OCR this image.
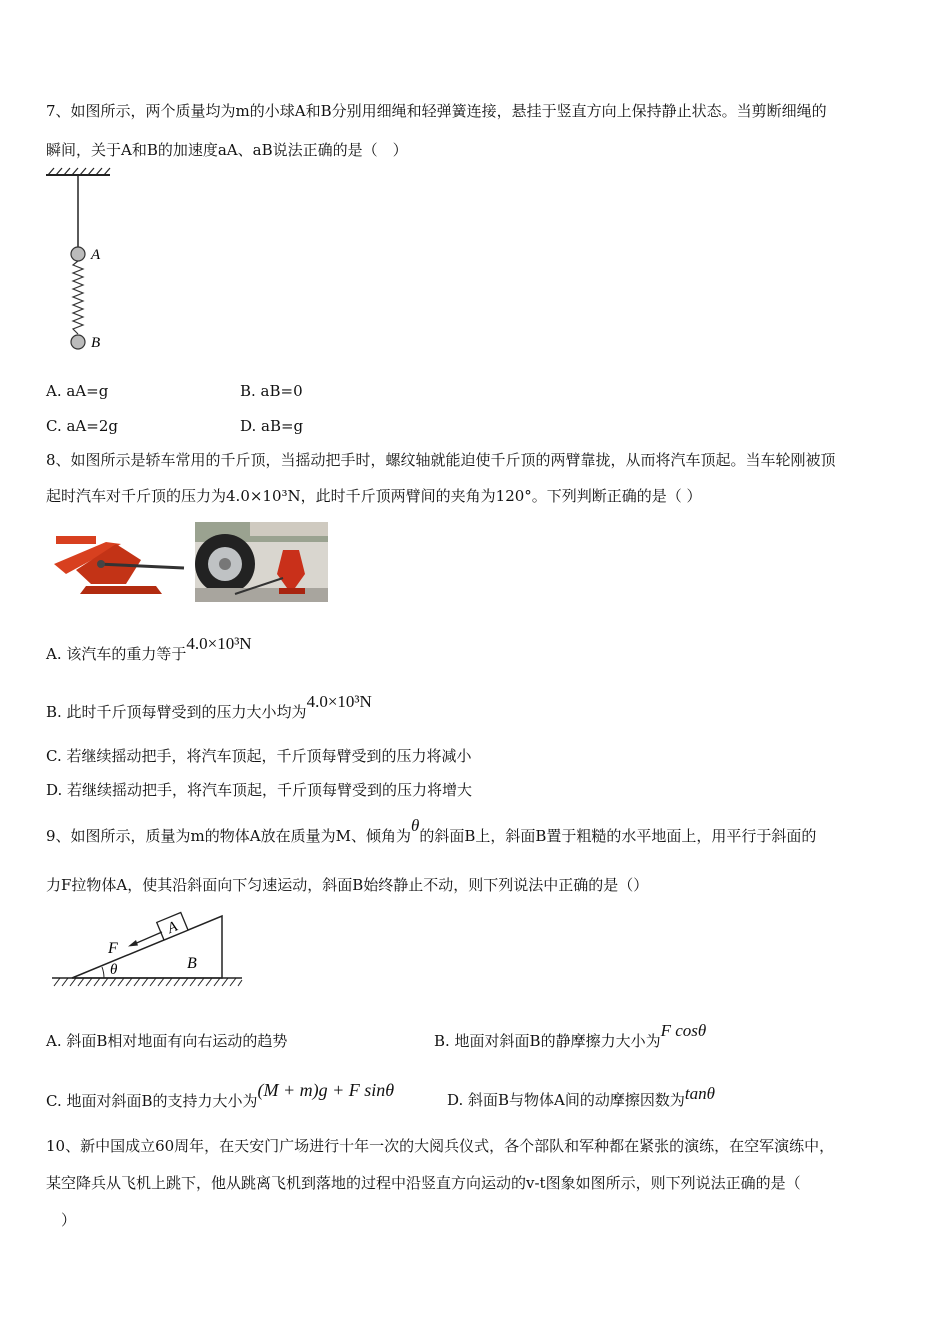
7、如图所示，两个质量均为m的小球A和B分别用细绳和轻弹簧连接，悬挂于竖直方向上保持静止状态。当剪断细绳的
瞬间，关于A和B的加速度aA、aB说法正确的是（　）
A
B
A. aA=g	B. aB=0
C. aA=2g	D. aB=g
8、如图所示是轿车常用的千斤顶，当摇动把手时，螺纹轴就能迫使千斤顶的两臂靠拢，从而将汽车顶起。当车轮刚被顶
起时汽车对千斤顶的压力为4.0×10³N，此时千斤顶两臂间的夹角为120°。下列判断正确的是（ ）
A. 该汽车的重力等于4.0×10³N
B. 此时千斤顶每臂受到的压力大小均为4.0×10³N
C. 若继续摇动把手，将汽车顶起，千斤顶每臂受到的压力将减小
D. 若继续摇动把手，将汽车顶起，千斤顶每臂受到的压力将增大
9、如图所示，质量为m的物体A放在质量为M、倾角为θ的斜面B上，斜面B置于粗糙的水平地面上，用平行于斜面的
力F拉物体A，使其沿斜面向下匀速运动，斜面B始终静止不动，则下列说法中正确的是（）
A
F
θ	B
A. 斜面B相对地面有向右运动的趋势	B. 地面对斜面B的静摩擦力大小为F cosθ
C. 地面对斜面B的支持力大小为(M + m)g + F sinθ	D. 斜面B与物体A间的动摩擦因数为tanθ
10、新中国成立60周年，在天安门广场进行十年一次的大阅兵仪式，各个部队和军种都在紧张的演练，在空军演练中，
某空降兵从飞机上跳下，他从跳离飞机到落地的过程中沿竖直方向运动的v-t图象如图所示，则下列说法正确的是（
　）
